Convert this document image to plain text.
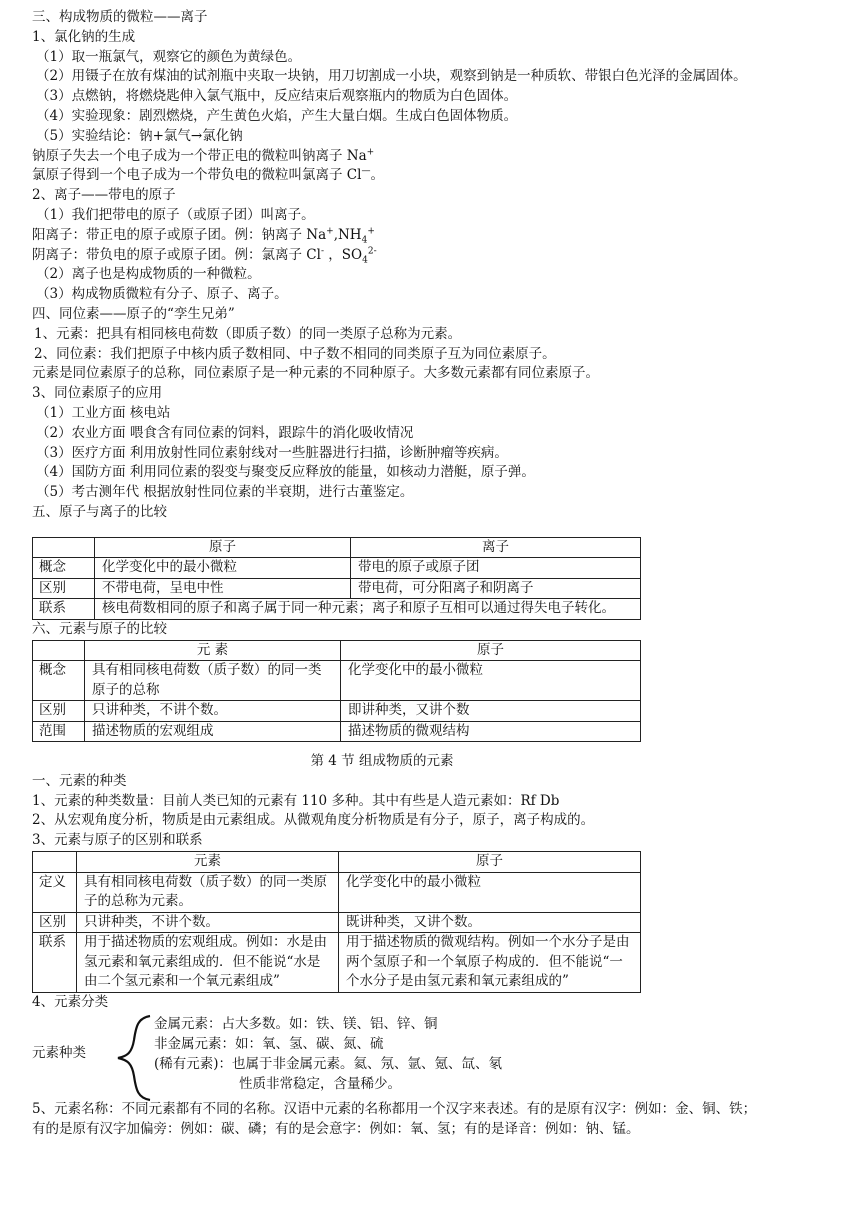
三、构成物质的微粒——离子
1、氯化钠的生成
（1）取一瓶氯气，观察它的颜色为黄绿色。
（2）用镊子在放有煤油的试剂瓶中夹取一块钠，用刀切割成一小块，观察到钠是一种质软、带银白色光泽的金属固体。
（3）点燃钠，将燃烧匙伸入氯气瓶中，反应结束后观察瓶内的物质为白色固体。
（4）实验现象：剧烈燃烧，产生黄色火焰，产生大量白烟。生成白色固体物质。
（5）实验结论：钠+氯气→氯化钠
钠原子失去一个电子成为一个带正电的微粒叫钠离子 Na+
氯原子得到一个电子成为一个带负电的微粒叫氯离子 Cl—。
2、离子——带电的原子
（1）我们把带电的原子（或原子团）叫离子。
阳离子：带正电的原子或原子团。例：钠离子 $Na^+,NH_4^+$
阴离子：带负电的原子或原子团。例：氯离子 Cl- ，$SO_4^{2-}$
（2）离子也是构成物质的一种微粒。
（3）构成物质微粒有分子、原子、离子。
四、同位素——原子的“孪生兄弟”
1、元素：把具有相同核电荷数（即质子数）的同一类原子总称为元素。
2、同位素：我们把原子中核内质子数相同、中子数不相同的同类原子互为同位素原子。
元素是同位素原子的总称，同位素原子是一种元素的不同种原子。大多数元素都有同位素原子。
3、同位素原子的应用
（1）工业方面 核电站
（2）农业方面 喂食含有同位素的饲料，跟踪牛的消化吸收情况
（3）医疗方面 利用放射性同位素射线对一些脏器进行扫描，诊断肿瘤等疾病。
（4）国防方面 利用同位素的裂变与聚变反应释放的能量，如核动力潜艇，原子弹。
（5）考古测年代 根据放射性同位素的半衰期，进行古董鉴定。
五、原子与离子的比较
	原子	离子
概念	化学变化中的最小微粒	带电的原子或原子团
区别	不带电荷，呈电中性	带电荷，可分阳离子和阴离子
联系	核电荷数相同的原子和离子属于同一种元素；离子和原子互相可以通过得失电子转化。	
六、元素与原子的比较
	元 素	原子
概念	具有相同核电荷数（质子数）的同一类原子的总称	化学变化中的最小微粒
区别	只讲种类，不讲个数。	即讲种类，又讲个数
范围	描述物质的宏观组成	描述物质的微观结构
第 4 节 组成物质的元素
一、元素的种类
1、元素的种类数量：目前人类已知的元素有 110 多种。其中有些是人造元素如：Rf Db
2、从宏观角度分析，物质是由元素组成。从微观角度分析物质是有分子，原子，离子构成的。
3、元素与原子的区别和联系
	元素	原子
定义	具有相同核电荷数（质子数）的同一类原子的总称为元素。	化学变化中的最小微粒
区别	只讲种类，不讲个数。	既讲种类，又讲个数。
联系	用于描述物质的宏观组成。例如：水是由氢元素和氧元素组成的．但不能说“水是由二个氢元素和一个氧元素组成”	用于描述物质的微观结构。例如一个水分子是由两个氢原子和一个氧原子构成的．但不能说“一个水分子是由氢元素和氧元素组成的”
4、元素分类
元素种类
金属元素：占大多数。如：铁、镁、铝、锌、铜
非金属元素：如：氧、氢、碳、氮、硫
(稀有元素)：也属于非金属元素。氦、氖、氩、氪、氙、氡
性质非常稳定，含量稀少。
5、元素名称：不同元素都有不同的名称。汉语中元素的名称都用一个汉字来表述。有的是原有汉字：例如：金、铜、铁；
有的是原有汉字加偏旁：例如：碳、磷；有的是会意字：例如：氧、氢；有的是译音：例如：钠、锰。
